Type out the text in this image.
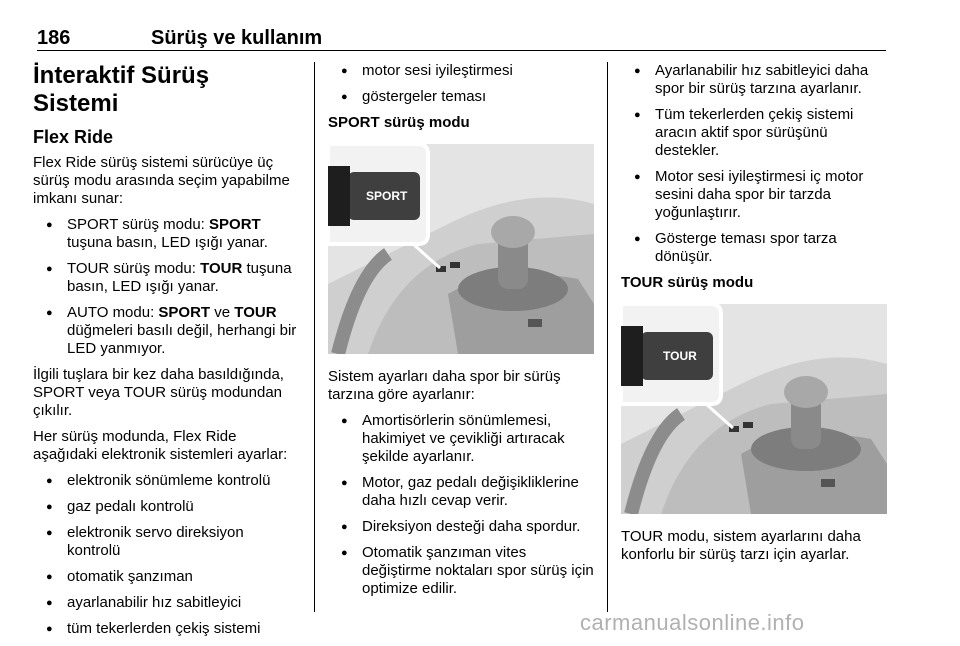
186	Sürüş ve kullanım
İnteraktif Sürüş Sistemi
Flex Ride
Flex Ride sürüş sistemi sürücüye üç sürüş modu arasında seçim yapabilme imkanı sunar:
● SPORT sürüş modu: SPORT tuşuna basın, LED ışığı yanar.
● TOUR sürüş modu: TOUR tuşuna basın, LED ışığı yanar.
● AUTO modu: SPORT ve TOUR düğmeleri basılı değil, herhangi bir LED yanmıyor.
İlgili tuşlara bir kez daha basıldığında, SPORT veya TOUR sürüş modundan çıkılır.
Her sürüş modunda, Flex Ride aşağıdaki elektronik sistemleri ayarlar:
● elektronik sönümleme kontrolü
● gaz pedalı kontrolü
● elektronik servo direksiyon kontrolü
● otomatik şanzıman
● ayarlanabilir hız sabitleyici
● tüm tekerlerden çekiş sistemi
● motor sesi iyileştirmesi
● göstergeler teması
SPORT sürüş modu
SPORT
Sistem ayarları daha spor bir sürüş tarzına göre ayarlanır:
● Amortisörlerin sönümlemesi, hakimiyet ve çevikliği artıracak şekilde ayarlanır.
● Motor, gaz pedalı değişikliklerine daha hızlı cevap verir.
● Direksiyon desteği daha spordur.
● Otomatik şanzıman vites değiştirme noktaları spor sürüş için optimize edilir.
● Ayarlanabilir hız sabitleyici daha spor bir sürüş tarzına ayarlanır.
● Tüm tekerlerden çekiş sistemi aracın aktif spor sürüşünü destekler.
● Motor sesi iyileştirmesi iç motor sesini daha spor bir tarzda yoğunlaştırır.
● Gösterge teması spor tarza dönüşür.
TOUR sürüş modu
TOUR
TOUR modu, sistem ayarlarını daha konforlu bir sürüş tarzı için ayarlar.
carmanualsonline.info
